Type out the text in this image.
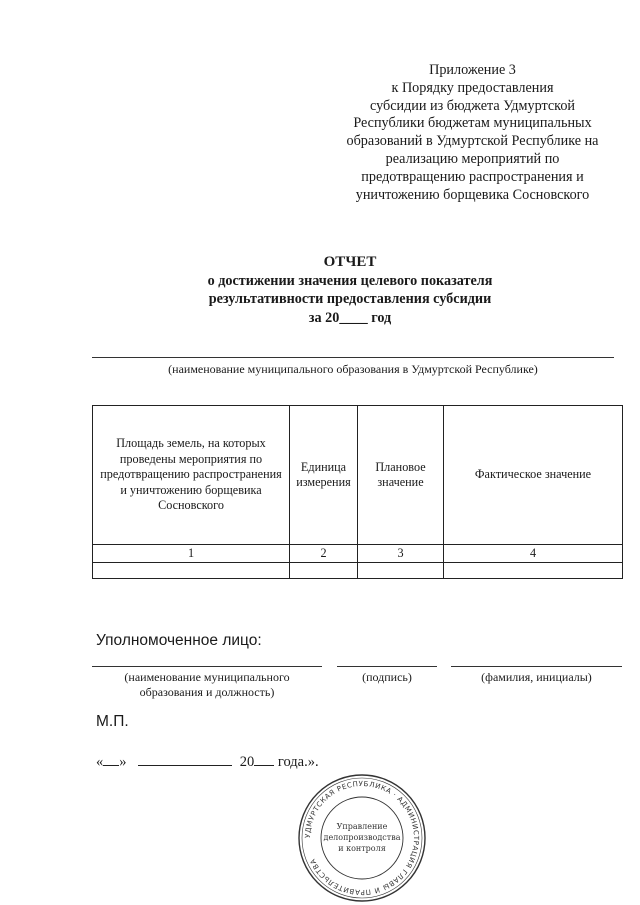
Приложение 3
к Порядку предоставления
субсидии из бюджета Удмуртской
Республики бюджетам муниципальных
образований в Удмуртской Республике на
реализацию мероприятий по
предотвращению распространения и
уничтожению борщевика Сосновского
ОТЧЕТ
о достижении значения целевого показателя
результативности предоставления субсидии
за 20____ год
(наименование муниципального образования в Удмуртской Республике)
Площадь земель, на которых проведены мероприятия по предотвращению распространения и уничтожению борщевика Сосновского	Единица измерения	Плановое значение	Фактическое значение
1	2	3	4

Уполномоченное лицо:
(наименование муниципального
образования и должность)
(подпись)	(фамилия, инициалы)
М.П.
« »	20 года.».
УДМУРТСКАЯ РЕСПУБЛИКА · АДМИНИСТРАЦИЯ ГЛАВЫ И ПРАВИТЕЛЬСТВА
Управление
делопроизводства
и контроля
